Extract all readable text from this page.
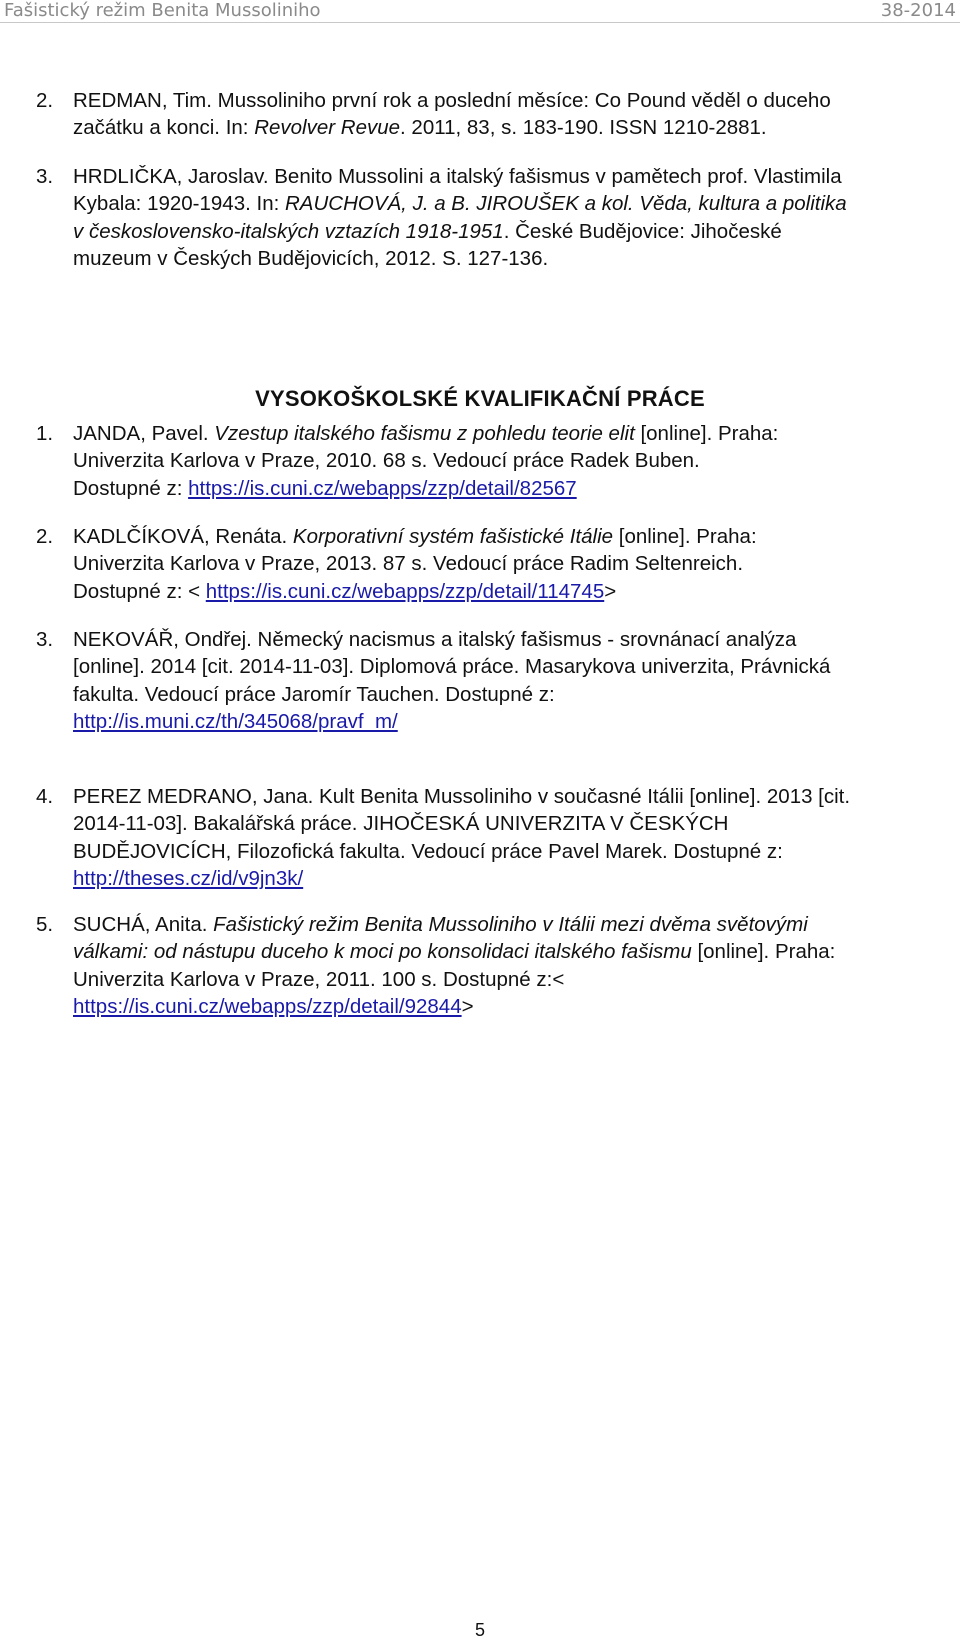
Fašistický režim Benita Mussoliniho	38-2014
2. REDMAN, Tim. Mussoliniho první rok a poslední měsíce: Co Pound věděl o duceho
začátku a konci. In: Revolver Revue. 2011, 83, s. 183-190. ISSN 1210-2881.
3. HRDLIČKA, Jaroslav. Benito Mussolini a italský fašismus v pamětech prof. Vlastimila
Kybala: 1920-1943. In: RAUCHOVÁ, J. a B. JIROUŠEK a kol. Věda, kultura a politika
v československo-italských vztazích 1918-1951. České Budějovice: Jihočeské
muzeum v Českých Budějovicích, 2012. S. 127-136.
VYSOKOŠKOLSKÉ KVALIFIKAČNÍ PRÁCE
1. JANDA, Pavel. Vzestup italského fašismu z pohledu teorie elit [online]. Praha:
Univerzita Karlova v Praze, 2010. 68 s. Vedoucí práce Radek Buben.
Dostupné z: https://is.cuni.cz/webapps/zzp/detail/82567
2. KADLČÍKOVÁ, Renáta. Korporativní systém fašistické Itálie [online]. Praha:
Univerzita Karlova v Praze, 2013. 87 s. Vedoucí práce Radim Seltenreich.
Dostupné z: < https://is.cuni.cz/webapps/zzp/detail/114745>
3. NEKOVÁŘ, Ondřej. Německý nacismus a italský fašismus - srovnánací analýza
[online]. 2014 [cit. 2014-11-03]. Diplomová práce. Masarykova univerzita, Právnická
fakulta. Vedoucí práce Jaromír Tauchen. Dostupné z:
http://is.muni.cz/th/345068/pravf_m/
4. PEREZ MEDRANO, Jana. Kult Benita Mussoliniho v současné Itálii [online]. 2013 [cit.
2014-11-03]. Bakalářská práce. JIHOČESKÁ UNIVERZITA V ČESKÝCH
BUDĚJOVICÍCH, Filozofická fakulta. Vedoucí práce Pavel Marek. Dostupné z:
http://theses.cz/id/v9jn3k/
5. SUCHÁ, Anita. Fašistický režim Benita Mussoliniho v Itálii mezi dvěma světovými
válkami: od nástupu duceho k moci po konsolidaci italského fašismu [online]. Praha:
Univerzita Karlova v Praze, 2011. 100 s. Dostupné z:<
https://is.cuni.cz/webapps/zzp/detail/92844>
5
